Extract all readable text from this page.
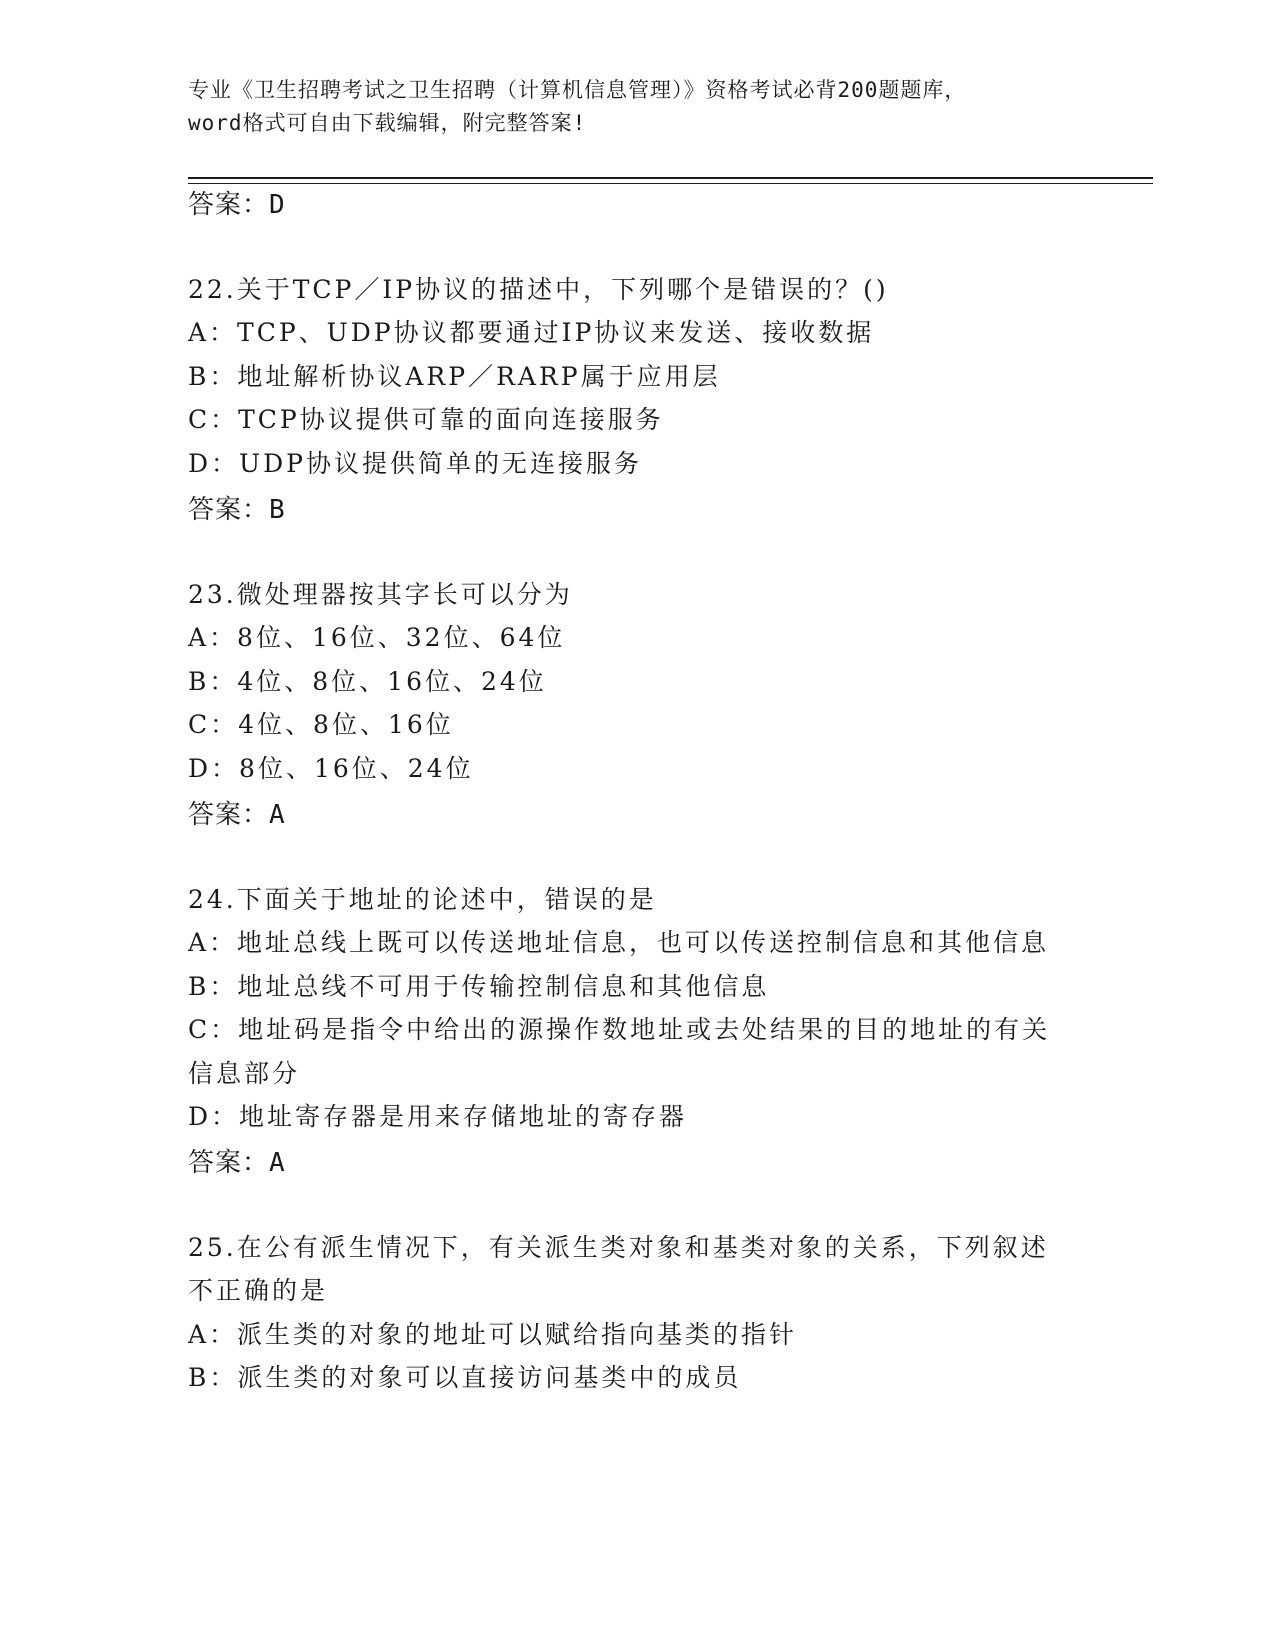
专业《卫生招聘考试之卫生招聘（计算机信息管理）》资格考试必背200题题库，
word格式可自由下载编辑，附完整答案!
答案：D
22.关于TCP／IP协议的描述中，下列哪个是错误的？()
A：TCP、UDP协议都要通过IP协议来发送、接收数据
B：地址解析协议ARP／RARP属于应用层
C：TCP协议提供可靠的面向连接服务
D：UDP协议提供简单的无连接服务
答案：B
23.微处理器按其字长可以分为
A：8位、16位、32位、64位
B：4位、8位、16位、24位
C：4位、8位、16位
D：8位、16位、24位
答案：A
24.下面关于地址的论述中，错误的是
A：地址总线上既可以传送地址信息，也可以传送控制信息和其他信息
B：地址总线不可用于传输控制信息和其他信息
C：地址码是指令中给出的源操作数地址或去处结果的目的地址的有关
信息部分
D：地址寄存器是用来存储地址的寄存器
答案：A
25.在公有派生情况下，有关派生类对象和基类对象的关系，下列叙述
不正确的是
A：派生类的对象的地址可以赋给指向基类的指针
B：派生类的对象可以直接访问基类中的成员
